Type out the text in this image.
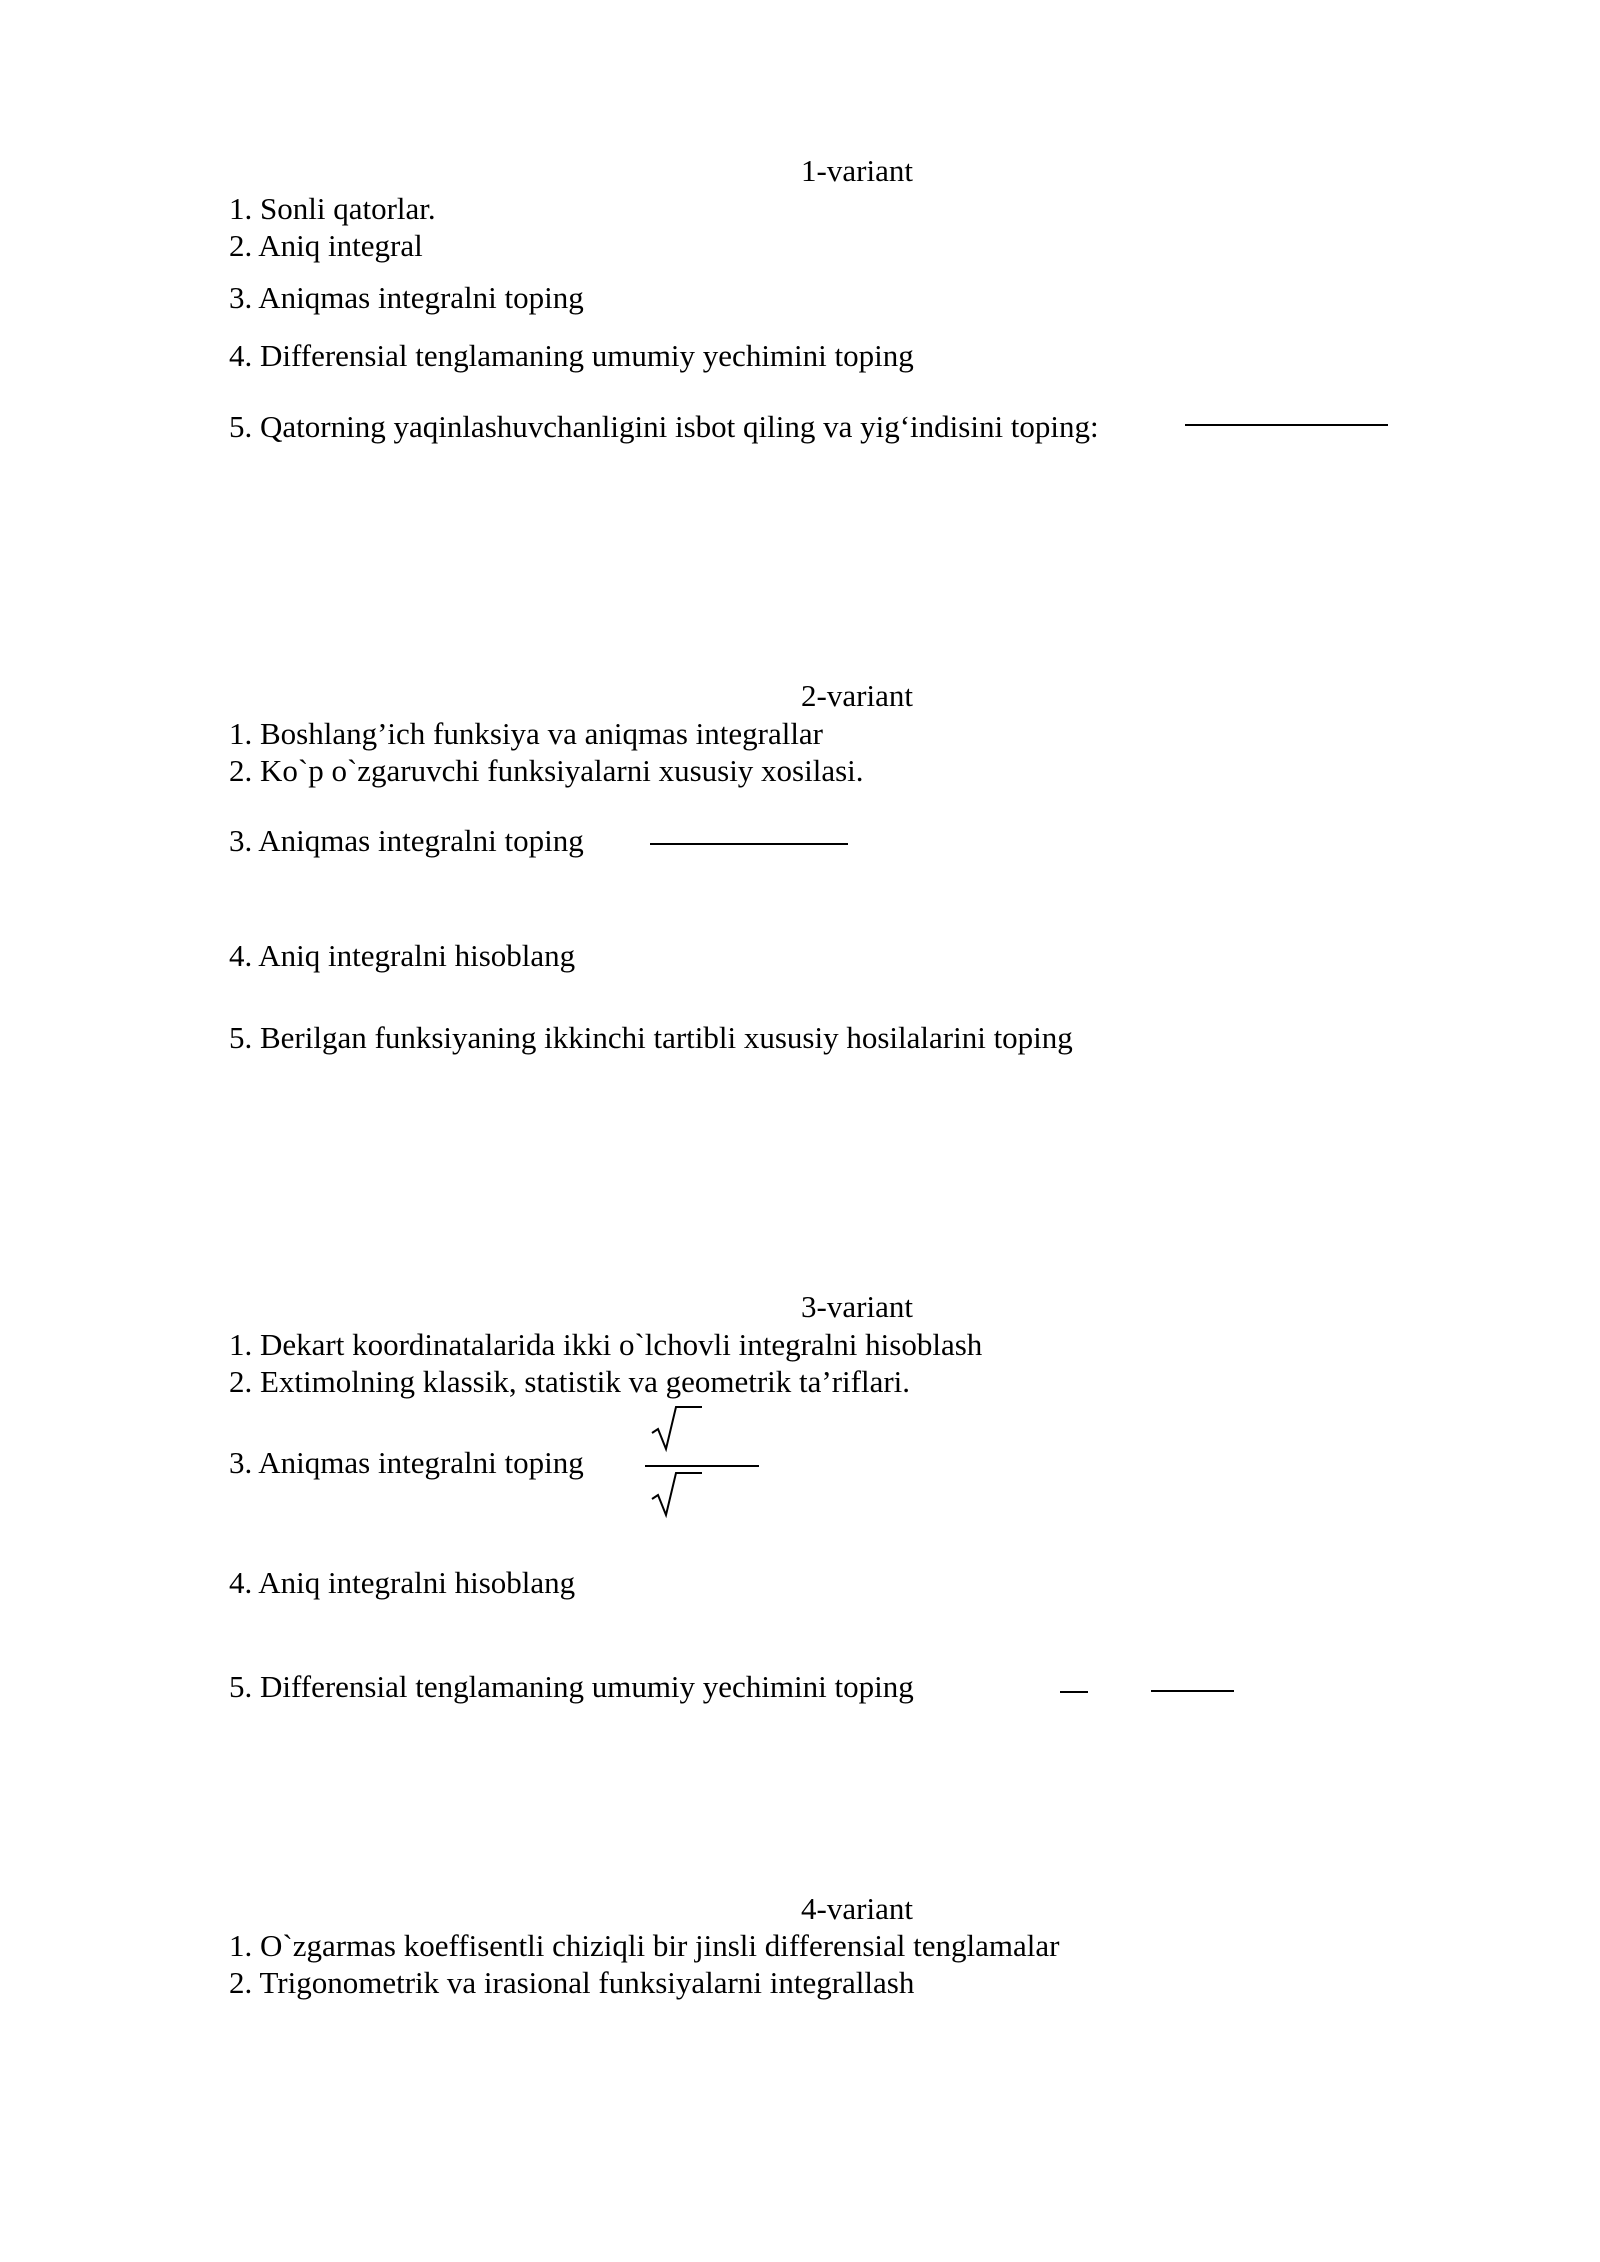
1-variant
1. Sonli qatorlar.
2. Aniq integral
3. Aniqmas integralni toping
4. Differensial tenglamaning umumiy yechimini toping
5. Qatorning yaqinlashuvchanligini isbot qiling va yig‘indisini toping:
2-variant
1. Boshlang’ich funksiya va aniqmas integrallar
2. Ko`p o`zgaruvchi funksiyalarni xususiy xosilasi.
3. Aniqmas integralni toping
4. Aniq integralni hisoblang
5. Berilgan funksiyaning ikkinchi tartibli xususiy hosilalarini toping
3-variant
1. Dekart koordinatalarida ikki o`lchovli integralni hisoblash
2. Extimolning klassik, statistik va geometrik ta’riflari.
3. Aniqmas integralni toping
4. Aniq integralni hisoblang
5. Differensial tenglamaning umumiy yechimini toping
4-variant
1. O`zgarmas koeffisentli chiziqli bir jinsli differensial tenglamalar
2. Trigonometrik va irasional funksiyalarni integrallash
